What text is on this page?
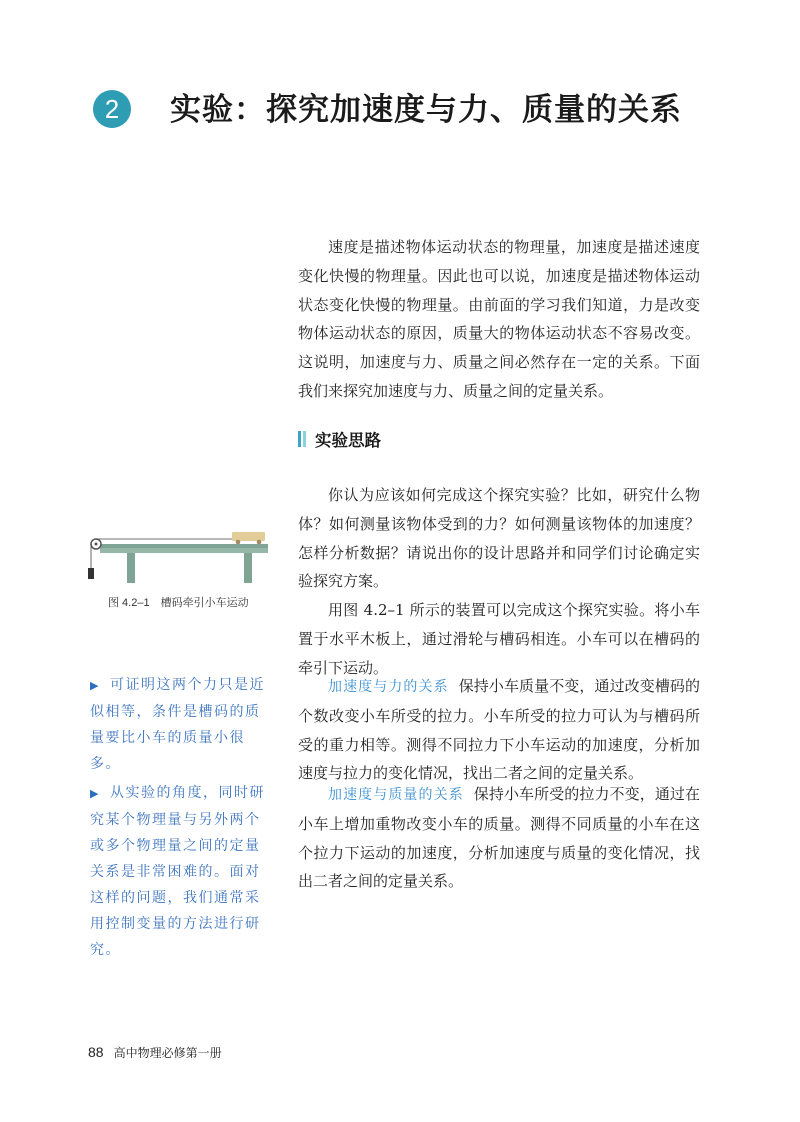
2	实验：探究加速度与力、质量的关系

速度是描述物体运动状态的物理量，加速度是描述速度变化快慢的物理量。因此也可以说，加速度是描述物体运动状态变化快慢的物理量。由前面的学习我们知道，力是改变物体运动状态的原因，质量大的物体运动状态不容易改变。这说明，加速度与力、质量之间必然存在一定的关系。下面我们来探究加速度与力、质量之间的定量关系。

实验思路

你认为应该如何完成这个探究实验？比如，研究什么物体？如何测量该物体受到的力？如何测量该物体的加速度？怎样分析数据？请说出你的设计思路并和同学们讨论确定实验探究方案。

用图 4.2–1 所示的装置可以完成这个探究实验。将小车置于水平木板上，通过滑轮与槽码相连。小车可以在槽码的牵引下运动。

加速度与力的关系 保持小车质量不变，通过改变槽码的个数改变小车所受的拉力。小车所受的拉力可认为与槽码所受的重力相等。测得不同拉力下小车运动的加速度，分析加速度与拉力的变化情况，找出二者之间的定量关系。

加速度与质量的关系 保持小车所受的拉力不变，通过在小车上增加重物改变小车的质量。测得不同质量的小车在这个拉力下运动的加速度，分析加速度与质量的变化情况，找出二者之间的定量关系。

图 4.2–1　槽码牵引小车运动

▶ 可证明这两个力只是近似相等，条件是槽码的质量要比小车的质量小很多。

▶ 从实验的角度，同时研究某个物理量与另外两个或多个物理量之间的定量关系是非常困难的。面对这样的问题，我们通常采用控制变量的方法进行研究。

88 高中物理必修第一册
